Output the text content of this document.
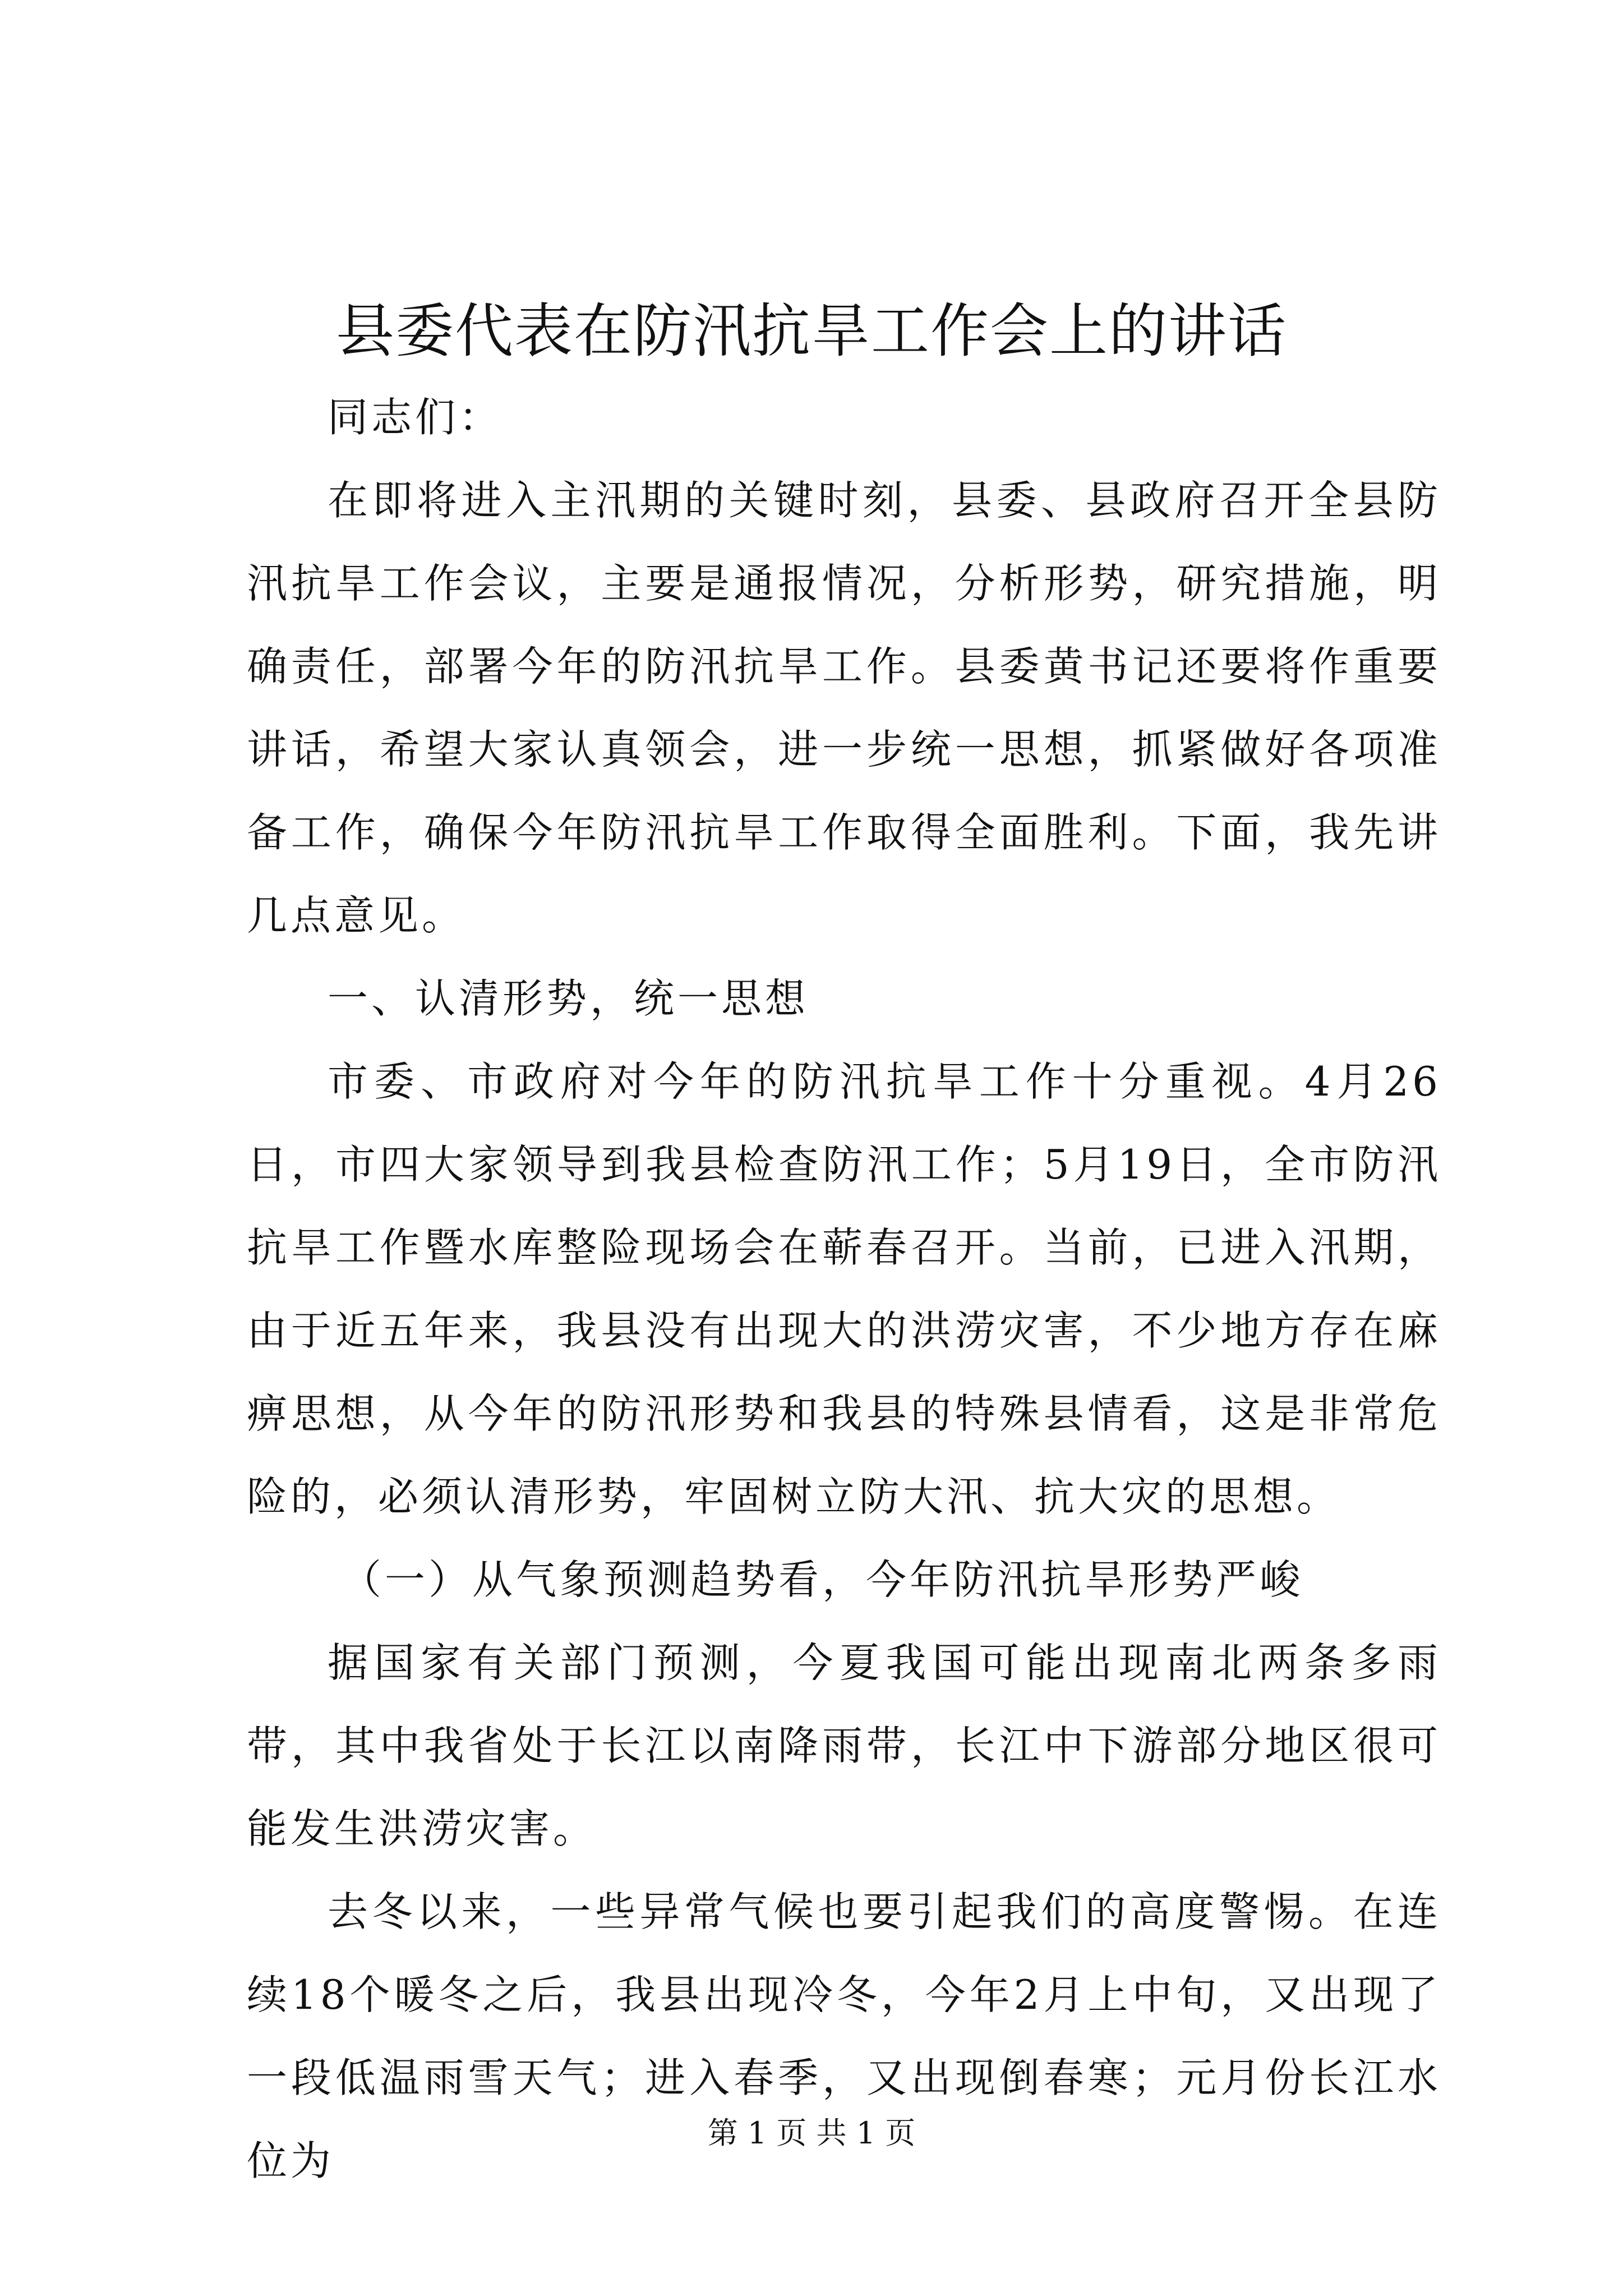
县委代表在防汛抗旱工作会上的讲话

同志们：

在即将进入主汛期的关键时刻，县委、县政府召开全县防汛抗旱工作会议，主要是通报情况，分析形势，研究措施，明确责任，部署今年的防汛抗旱工作。县委黄书记还要将作重要讲话，希望大家认真领会，进一步统一思想，抓紧做好各项准备工作，确保今年防汛抗旱工作取得全面胜利。下面，我先讲几点意见。

一、认清形势，统一思想

市委、市政府对今年的防汛抗旱工作十分重视。4月26日，市四大家领导到我县检查防汛工作；5月19日，全市防汛抗旱工作暨水库整险现场会在蕲春召开。当前，已进入汛期，由于近五年来，我县没有出现大的洪涝灾害，不少地方存在麻痹思想，从今年的防汛形势和我县的特殊县情看，这是非常危险的，必须认清形势，牢固树立防大汛、抗大灾的思想。

（一）从气象预测趋势看，今年防汛抗旱形势严峻

据国家有关部门预测，今夏我国可能出现南北两条多雨带，其中我省处于长江以南降雨带，长江中下游部分地区很可能发生洪涝灾害。

去冬以来，一些异常气候也要引起我们的高度警惕。在连续18个暖冬之后，我县出现冷冬，今年2月上中旬，又出现了一段低温雨雪天气；进入春季，又出现倒春寒；元月份长江水位为

第 1 页 共 1 页
